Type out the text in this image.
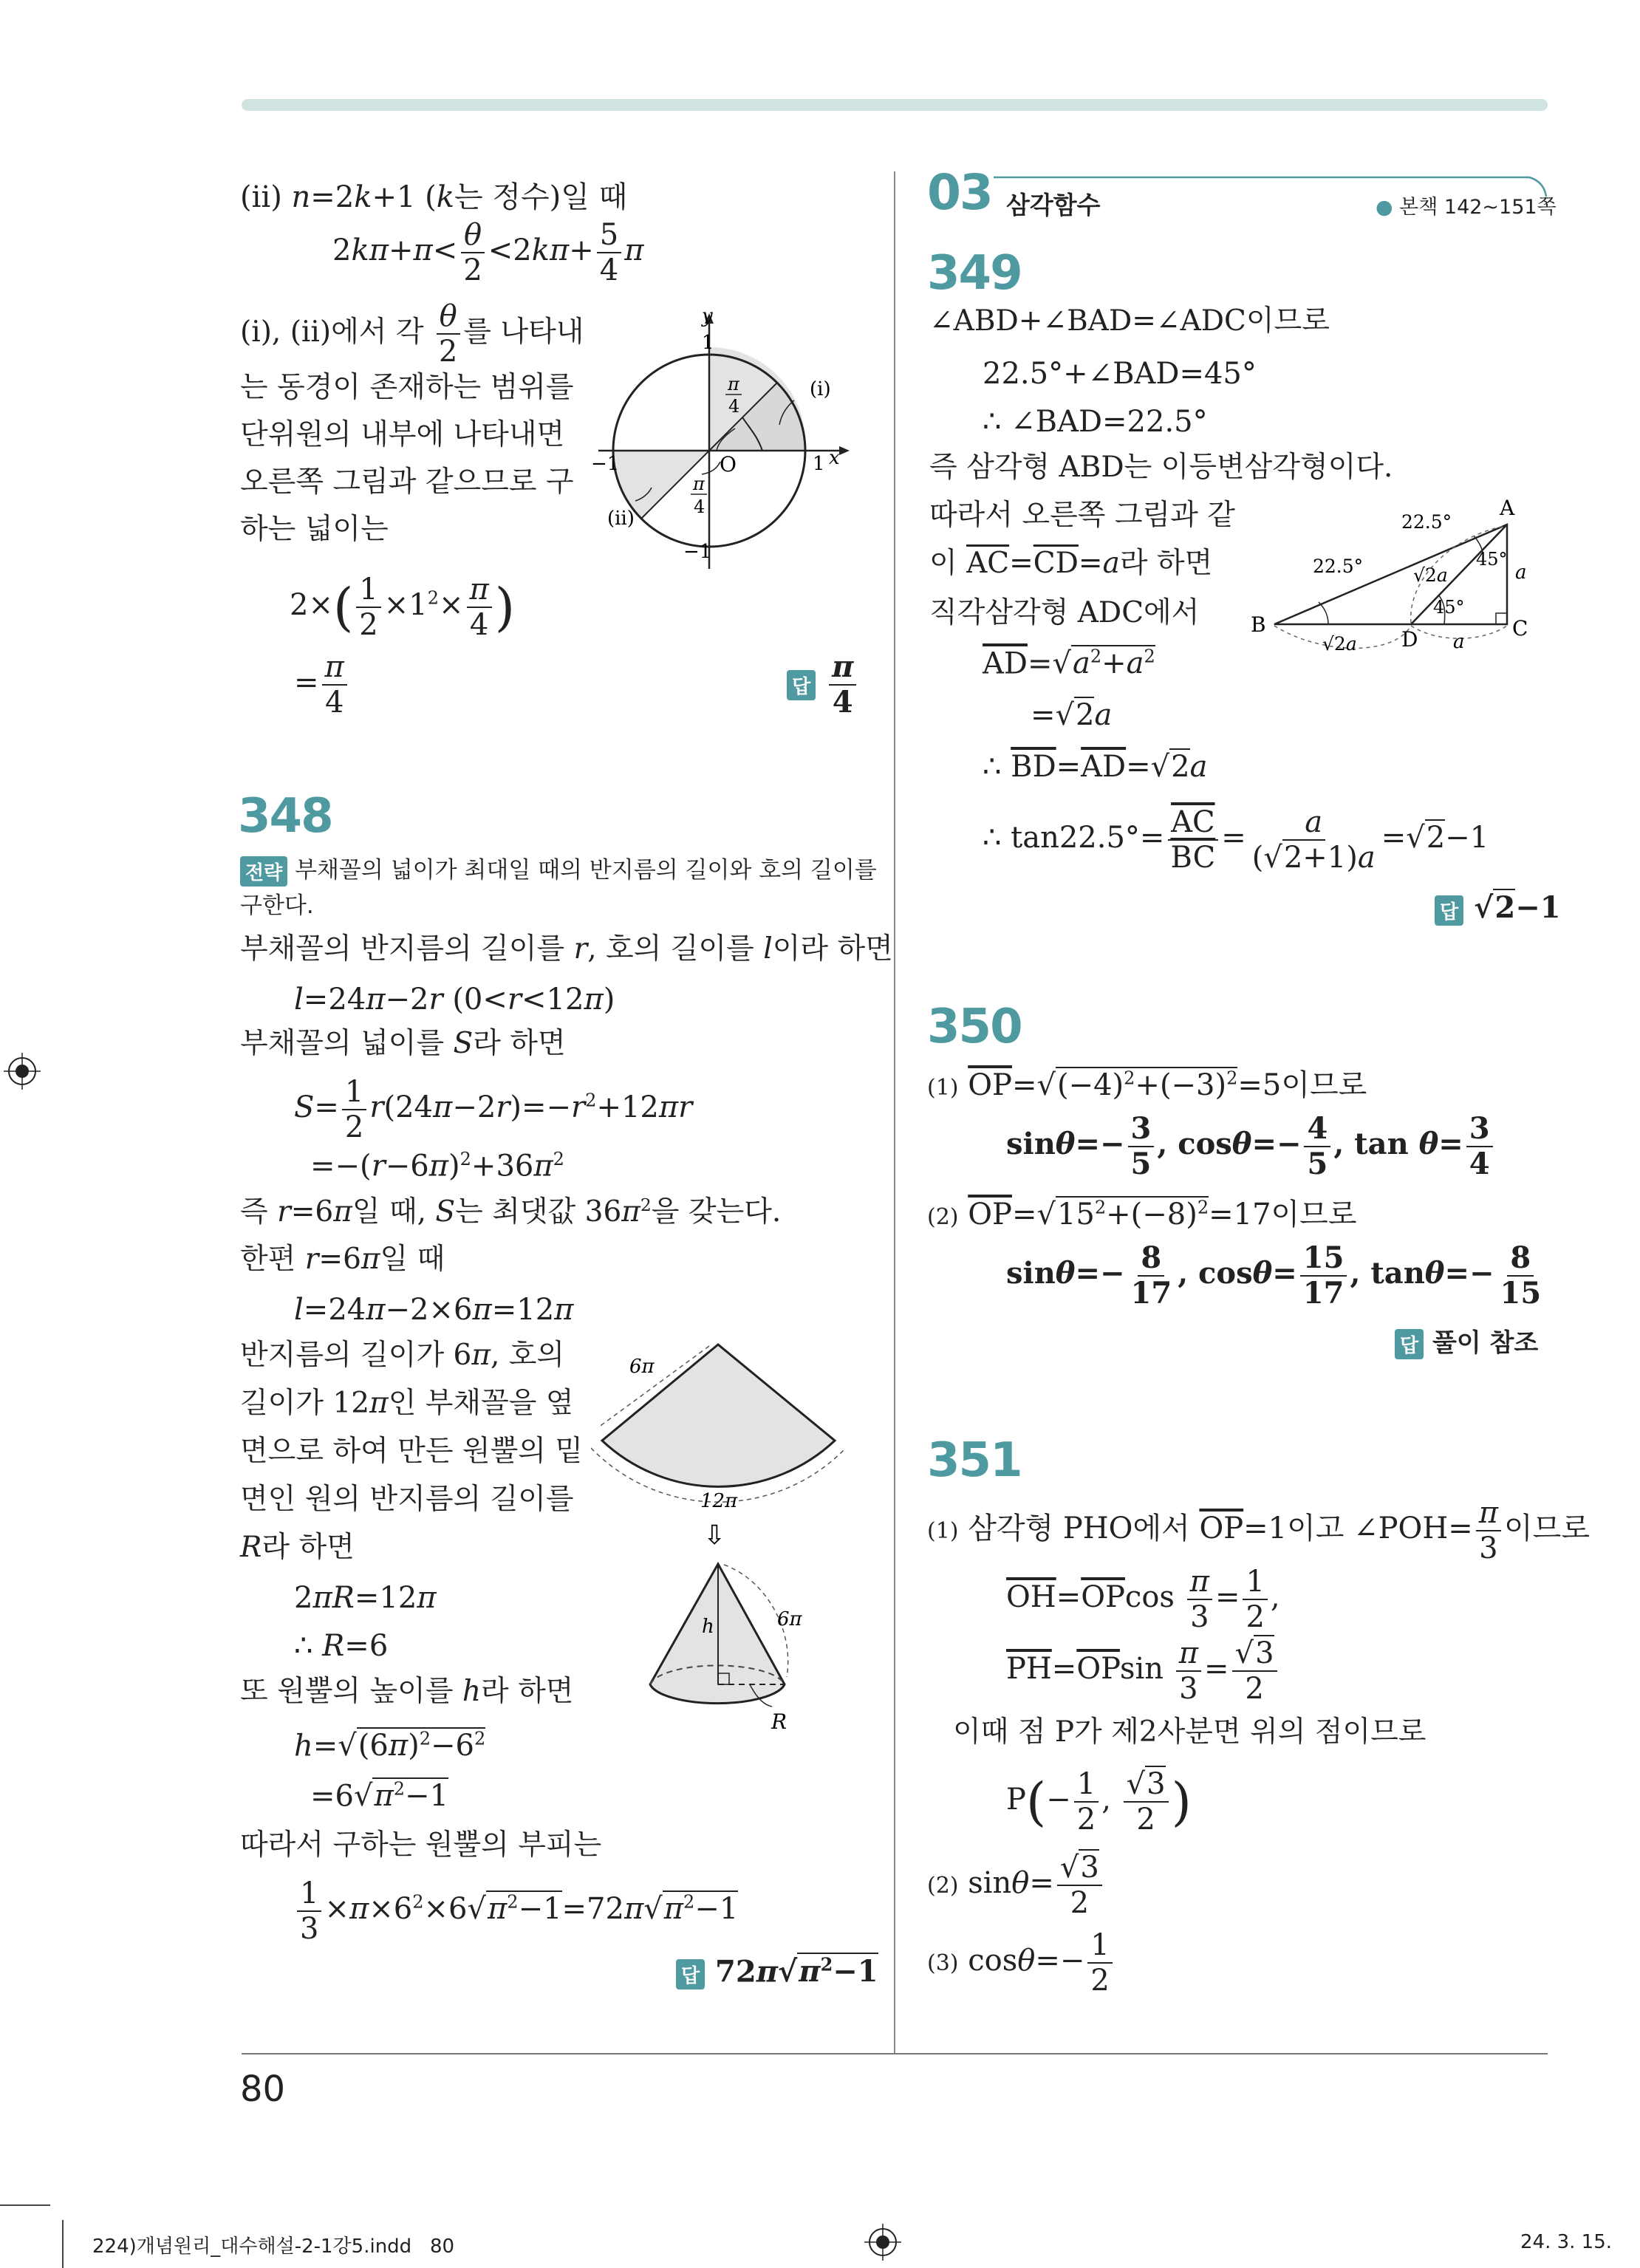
(ⅱ) n=2k+1 (k는 정수)일 때
$2k\pi+\pi< \frac{\theta}{2} <2k\pi+ \frac{5}{4}$ π
(ⅰ), (ⅱ)에서 각 $\frac{\theta}{2}$ 를 나타내
는 동경이 존재하는 범위를
단위원의 내부에 나타내면
오른쪽 그림과 같으므로 구
하는 넓이는
y
1
π
4
(ⅰ)
−1	O	1 x
π
4
(ⅱ)
−1
$2\times( \frac{1}{2} \times 1^2\times \frac{\pi}{4}$ )
= $\frac{\pi}{4}$	답 $\frac{\pi}{4}$
348
전략 부채꼴의 넓이가 최대일 때의 반지름의 길이와 호의 길이를
구한다.
부채꼴의 반지름의 길이를 r, 호의 길이를 l이라 하면
l=24π−2r (0<r<12π)
부채꼴의 넓이를 S라 하면
$S= \frac{1}{2} r(24\pi-2r)=-r^2+12\pi r$
$=-(r-6\pi)^2+36\pi^2$
즉 r=6π일 때, S는 최댓값 $36\pi^2$을 갖는다.
한편 r=6π일 때
l=24π−2×6π=12π
반지름의 길이가 6π, 호의
길이가 12π인 부채꼴을 옆
면으로 하여 만든 원뿔의 밑
면인 원의 반지름의 길이를
R라 하면
2πR=12π
∴ R=6
또 원뿔의 높이를 h라 하면
h= √ $(6\pi)^2-6^2$
=6 √ $\pi^2-1$
따라서 구하는 원뿔의 부피는
$\frac{1}{3} \times\pi\times 6^2\times 6$ √ $\pi^2-1=72\pi$ √ $\pi^2-1$
답 72π √ $\pi^2-1$
6π
12π
⇩
h	6π
R
03 삼각함수	● 본책 142~151쪽
349
∠ABD+∠BAD=∠ADC이므로
22.5°+∠BAD=45°
∴ ∠BAD=22.5°
즉 삼각형 ABD는 이등변삼각형이다.
따라서 오른쪽 그림과 같
이 $\overline{AC}=\overline{CD}=a$라 하면
직각삼각형 ADC에서
$\overline{AD}=$ √ $a^2+a^2$
= √ 2a
∴ $\overline{BD}=\overline{AD}=$ √ 2a
∴ $\tan 22.5^\circ= \frac{\overline{AC}}{BC} = \frac{a}{( √ 2+1)a}$ = √ 2−1
답 √ 2−1
22.5°
A
22.5°	√2a
45°
a
45°
B
√2a D a
C
350
(1) $\overline{OP}=$ √ $(-4)^2+(-3)^2=5$이므로
$\sin\theta=- \frac{3}{5}$ , $\cos\theta=- \frac{4}{5}$ , $\tan \theta= \frac{3}{4}$
(2) $\overline{OP}=$ √ $15^2+(-8)^2=17$이므로
$\sin\theta=- \frac{8}{17}$ , $\cos\theta= \frac{15}{17}$ , $\tan\theta=- \frac{8}{15}$
답 풀이 참조
351
(1) 삼각형 PHO에서 $\overline{OP}=1$이고 ∠POH= $\frac{\pi}{3}$ 이므로
$\overline{OH}=\overline{OP}\cos \frac{\pi}{3} = \frac{1}{2}$ ,
$\overline{PH}=\overline{OP}\sin \frac{\pi}{3}$ = √ $\frac{3}{2}$
이때 점 P가 제2사분면 위의 점이므로
$P(- \frac{1}{2}$ , √ $\frac{3}{2}$ )
(2) sinθ= √ $\frac{3}{2}$
(3) $\cos\theta=- \frac{1}{2}$
80
224)개념원리_대수해설-2-1강5.indd   80	24. 3. 15.
